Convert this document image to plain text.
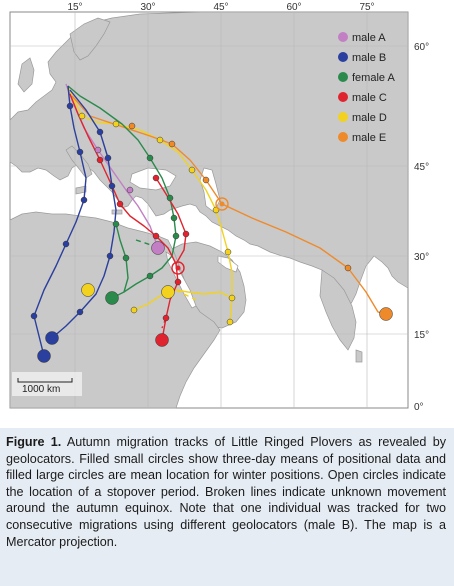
15°	30°	45°	60°	75°
60°
45°
30°
15°
0°
male A
male B
female A
male C
male D
male E
1000 km
Figure 1. Autumn migration tracks of Little Ringed Plovers as revealed by geolocators. Filled small circles show three-day means of positional data and filled large circles are mean location for winter positions. Open circles indicate the location of a stopover period. Broken lines indicate unknown movement around the autumn equinox. Note that one individual was tracked for two consecutive migrations using different geolocators (male B). The map is a Mercator projection.
